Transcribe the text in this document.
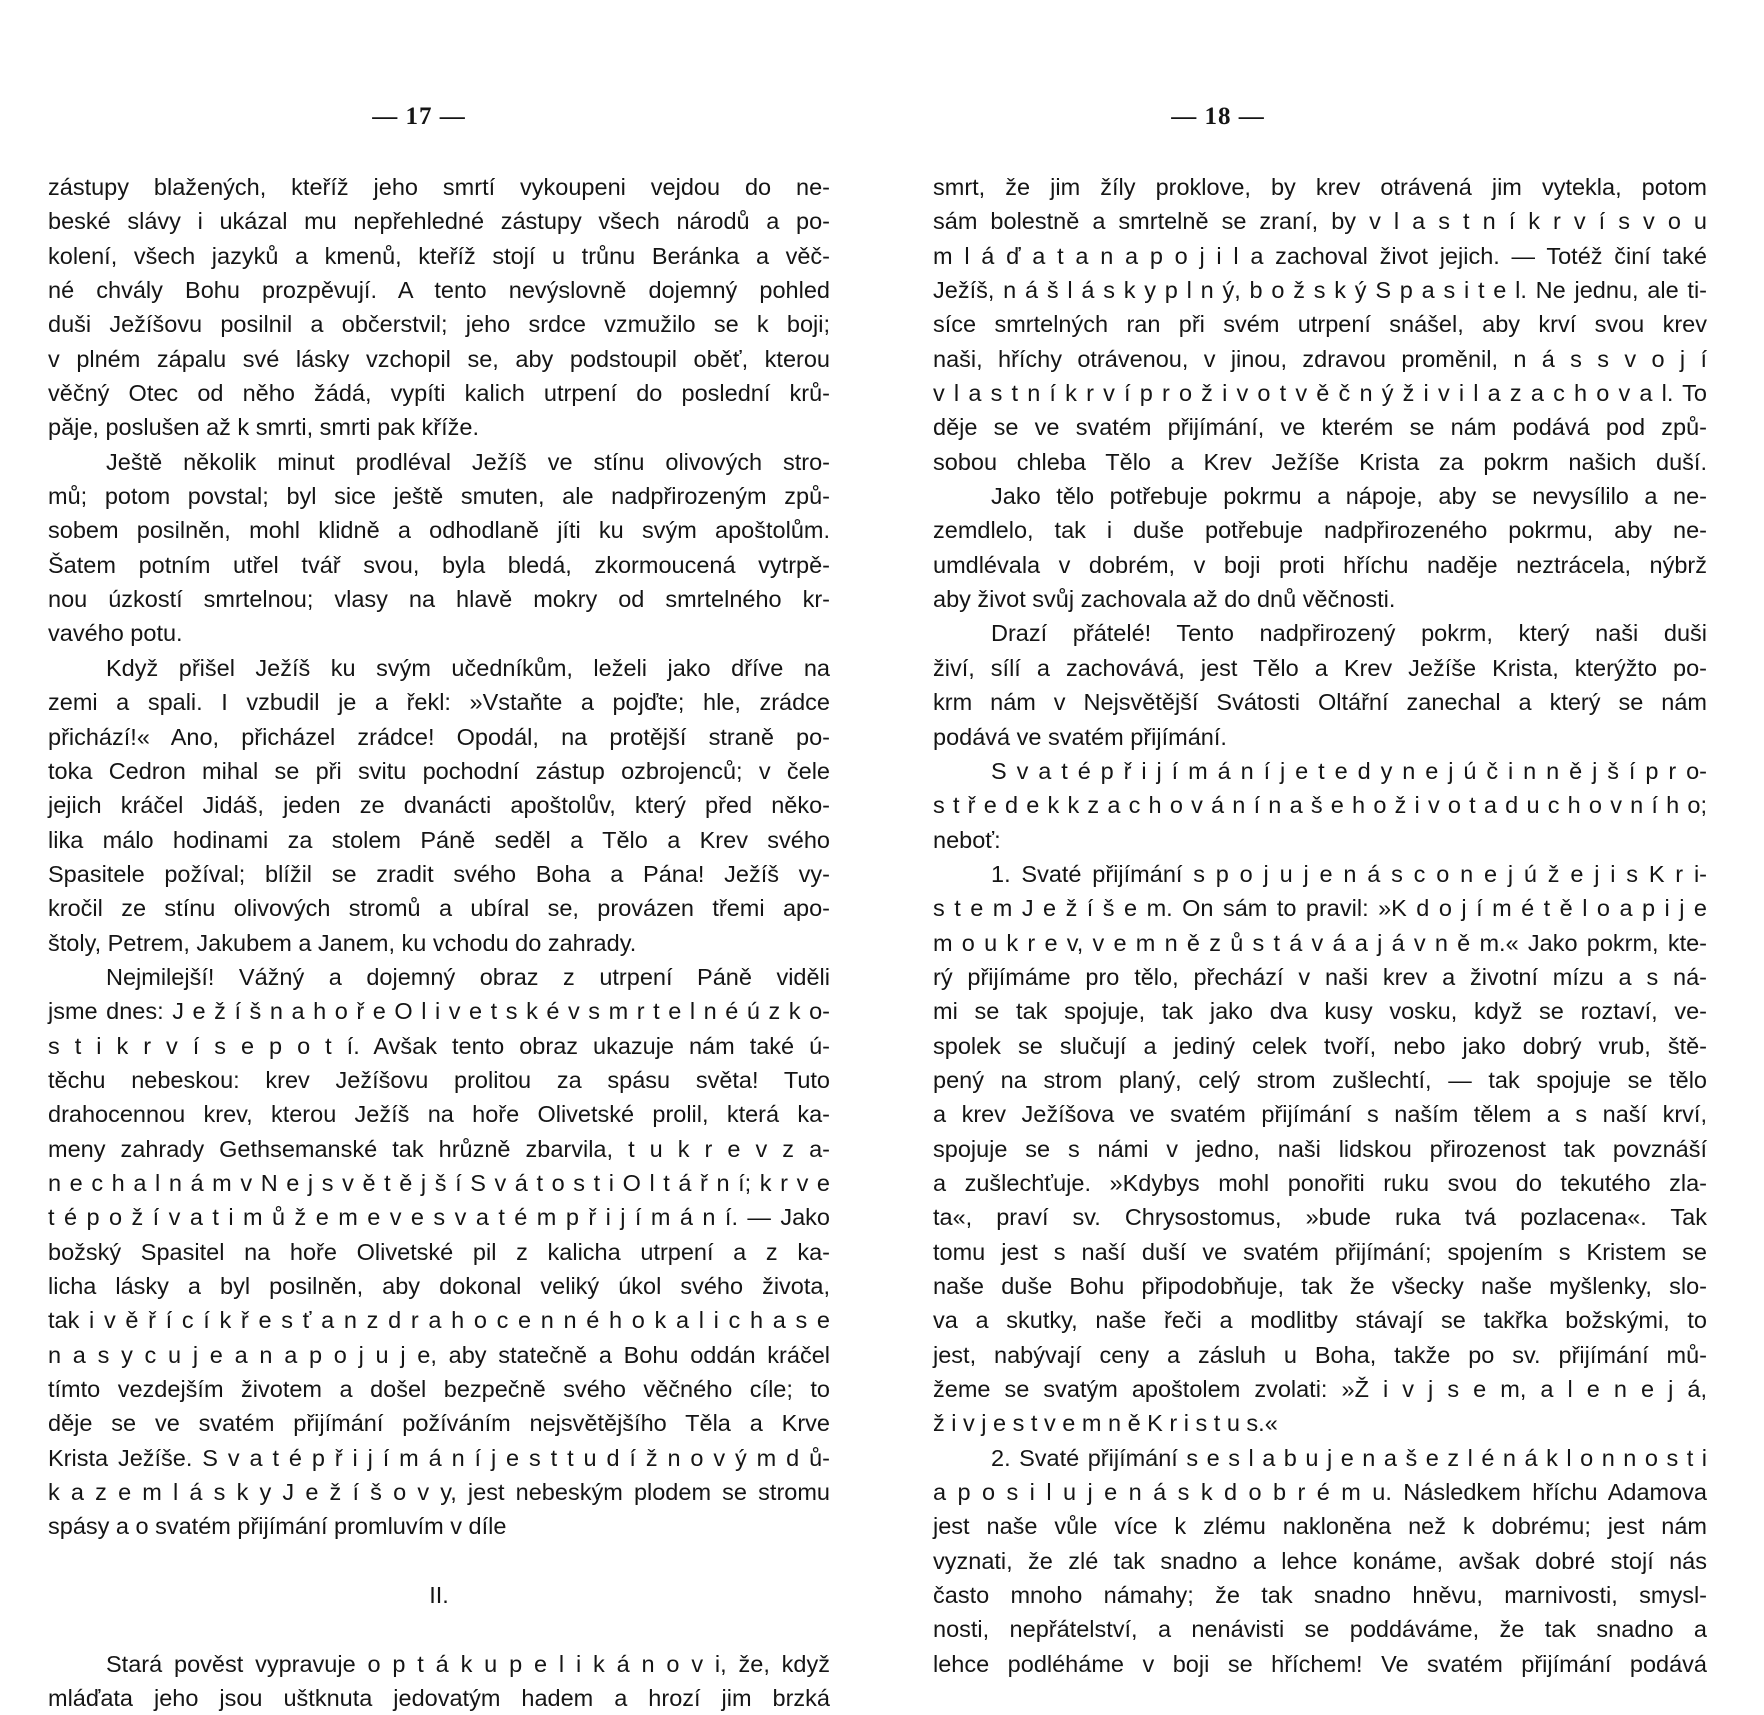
— 17 —
zástupy blažených, kteříž jeho smrtí vykoupeni vejdou do ne-
beské slávy i ukázal mu nepřehledné zástupy všech národů a po-
kolení, všech jazyků a kmenů, kteříž stojí u trůnu Beránka a věč-
né chvály Bohu prozpěvují. A tento nevýslovně dojemný pohled
duši Ježíšovu posilnil a občerstvil; jeho srdce vzmužilo se k boji;
v plném zápalu své lásky vzchopil se, aby podstoupil oběť, kterou
věčný Otec od něho žádá, vypíti kalich utrpení do poslední krů-
păje, poslušen až k smrti, smrti pak kříže.
Ještě několik minut prodléval Ježíš ve stínu olivových stro-
mů; potom povstal; byl sice ještě smuten, ale nadpřirozeným způ-
sobem posilněn, mohl klidně a odhodlaně jíti ku svým apoštolům.
Šatem potním utřel tvář svou, byla bledá, zkormoucená vytrpě-
nou úzkostí smrtelnou; vlasy na hlavě mokry od smrtelného kr-
vavého potu.
Když přišel Ježíš ku svým učedníkům, leželi jako dříve na
zemi a spali. I vzbudil je a řekl: »Vstaňte a pojďte; hle, zrádce
přichází!« Ano, přicházel zrádce! Opodál, na protější straně po-
toka Cedron mihal se při svitu pochodní zástup ozbrojenců; v čele
jejich kráčel Jidáš, jeden ze dvanácti apoštolův, který před něko-
lika málo hodinami za stolem Páně seděl a Tělo a Krev svého
Spasitele požíval; blížil se zradit svého Boha a Pána! Ježíš vy-
kročil ze stínu olivových stromů a ubíral se, provázen třemi apo-
štoly, Petrem, Jakubem a Janem, ku vchodu do zahrady.
Nejmilejší! Vážný a dojemný obraz z utrpení Páně viděli
jsme dnes: J e ž í š n a h o ř e O l i v e t s k é v s m r t e l n é ú z k o-
s t i k r v í s e p o t í. Avšak tento obraz ukazuje nám také ú-
těchu nebeskou: krev Ježíšovu prolitou za spásu světa! Tuto
drahocennou krev, kterou Ježíš na hoře Olivetské prolil, která ka-
meny zahrady Gethsemanské tak hrůzně zbarvila, t u k r e v z a-
n e c h a l n á m v N e j s v ě t ě j š í S v á t o s t i O l t á ř n í; k r v e
t é p o ž í v a t i m ů ž e m e v e s v a t é m p ř i j í m á n í. — Jako
božský Spasitel na hoře Olivetské pil z kalicha utrpení a z ka-
licha lásky a byl posilněn, aby dokonal veliký úkol svého života,
tak i v ě ř í c í k ř e s ť a n z d r a h o c e n n é h o k a l i c h a s e
n a s y c u j e a n a p o j u j e, aby statečně a Bohu oddán kráčel
tímto vezdejším životem a došel bezpečně svého věčného cíle; to
děje se ve svatém přijímání požíváním nejsvětějšího Těla a Krve
Krista Ježíše. S v a t é p ř i j í m á n í j e s t t u d í ž n o v ý m d ů-
k a z e m l á s k y J e ž í š o v y, jest nebeským plodem se stromu
spásy a o svatém přijímání promluvím v díle
II.
Stará pověst vypravuje o p t á k u p e l i k á n o v i, že, když
mláďata jeho jsou uštknuta jedovatým hadem a hrozí jim brzká
— 18 —
smrt, že jim žíly proklove, by krev otrávená jim vytekla, potom
sám bolestně a smrtelně se zraní, by v l a s t n í k r v í s v o u
m l á ď a t a n a p o j i l a zachoval život jejich. — Totéž činí také
Ježíš, n á š l á s k y p l n ý, b o ž s k ý S p a s i t e l. Ne jednu, ale ti-
síce smrtelných ran při svém utrpení snášel, aby krví svou krev
naši, hříchy otrávenou, v jinou, zdravou proměnil, n á s s v o j í
v l a s t n í k r v í p r o ž i v o t v ě č n ý ž i v i l a z a c h o v a l. To
děje se ve svatém přijímání, ve kterém se nám podává pod způ-
sobou chleba Tělo a Krev Ježíše Krista za pokrm našich duší.
Jako tělo potřebuje pokrmu a nápoje, aby se nevysílilo a ne-
zemdlelo, tak i duše potřebuje nadpřirozeného pokrmu, aby ne-
umdlévala v dobrém, v boji proti hříchu naděje neztrácela, nýbrž
aby život svůj zachovala až do dnů věčnosti.
Drazí přátelé! Tento nadpřirozený pokrm, který naši duši
živí, sílí a zachovává, jest Tělo a Krev Ježíše Krista, kterýžto po-
krm nám v Nejsvětější Svátosti Oltářní zanechal a který se nám
podává ve svatém přijímání.
S v a t é p ř i j í m á n í j e t e d y n e j ú č i n n ě j š í p r o-
s t ř e d e k k z a c h o v á n í n a š e h o ž i v o t a d u c h o v n í h o;
neboť:
1. Svaté přijímání s p o j u j e n á s c o n e j ú ž e j i s K r i-
s t e m J e ž í š e m. On sám to pravil: »K d o j í m é t ě l o a p i j e
m o u k r e v, v e m n ě z ů s t á v á a j á v n ě m.« Jako pokrm, kte-
rý přijímáme pro tělo, přechází v naši krev a životní mízu a s ná-
mi se tak spojuje, tak jako dva kusy vosku, když se roztaví, ve-
spolek se slučují a jediný celek tvoří, nebo jako dobrý vrub, ště-
pený na strom planý, celý strom zušlechtí, — tak spojuje se tělo
a krev Ježíšova ve svatém přijímání s naším tělem a s naší krví,
spojuje se s námi v jedno, naši lidskou přirozenost tak povznáší
a zušlechťuje. »Kdybys mohl ponořiti ruku svou do tekutého zla-
ta«, praví sv. Chrysostomus, »bude ruka tvá pozlacena«. Tak
tomu jest s naší duší ve svatém přijímání; spojením s Kristem se
naše duše Bohu připodobňuje, tak že všecky naše myšlenky, slo-
va a skutky, naše řeči a modlitby stávají se takřka božskými, to
jest, nabývají ceny a zásluh u Boha, takže po sv. přijímání mů-
žeme se svatým apoštolem zvolati: »Ž i v j s e m, a l e n e j á,
ž i v j e s t v e m n ě K r i s t u s.«
2. Svaté přijímání s e s l a b u j e n a š e z l é n á k l o n n o s t i
a p o s i l u j e n á s k d o b r é m u. Následkem hříchu Adamova
jest naše vůle více k zlému nakloněna než k dobrému; jest nám
vyznati, že zlé tak snadno a lehce konáme, avšak dobré stojí nás
často mnoho námahy; že tak snadno hněvu, marnivosti, smysl-
nosti, nepřátelství, a nenávisti se poddáváme, že tak snadno a
lehce podléháme v boji se hříchem! Ve svatém přijímání podává
